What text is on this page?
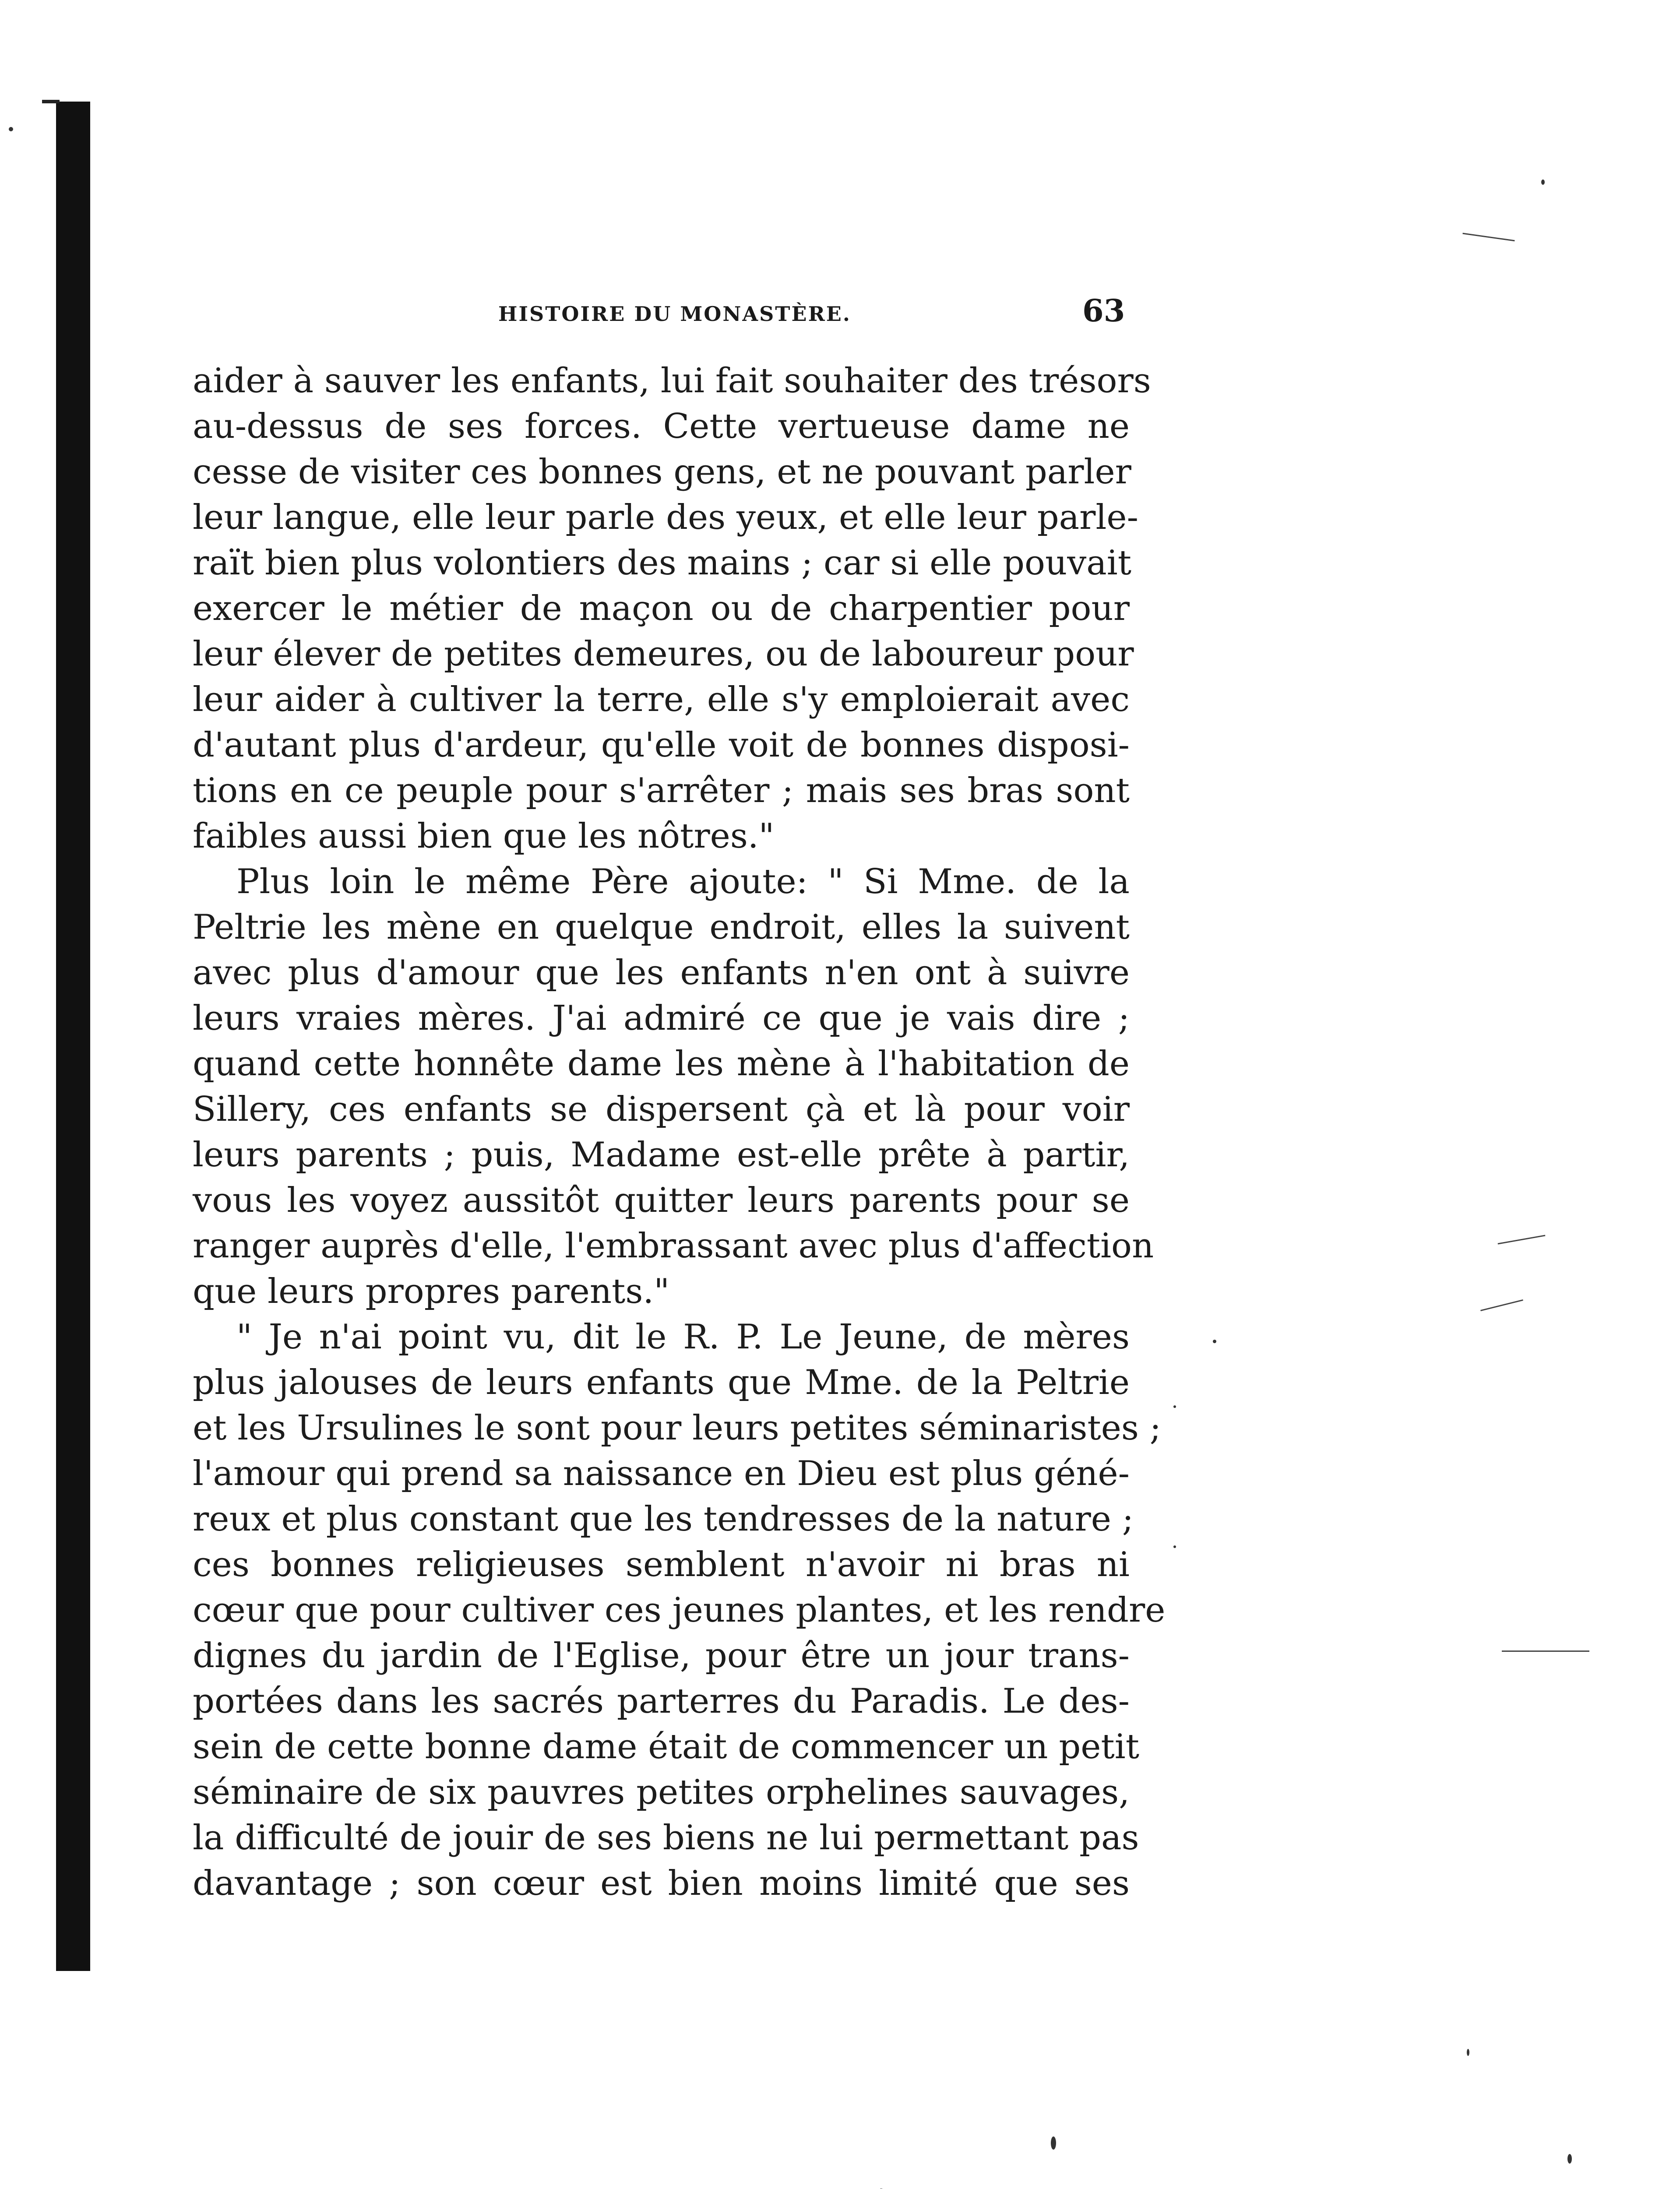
HISTOIRE DU MONASTÈRE.	63
aider à sauver les enfants, lui fait souhaiter des trésors
au-dessus de ses forces. Cette vertueuse dame ne
cesse de visiter ces bonnes gens, et ne pouvant parler
leur langue, elle leur parle des yeux, et elle leur parle-
raït bien plus volontiers des mains ; car si elle pouvait
exercer le métier de maçon ou de charpentier pour
leur élever de petites demeures, ou de laboureur pour
leur aider à cultiver la terre, elle s'y emploierait avec
d'autant plus d'ardeur, qu'elle voit de bonnes disposi-
tions en ce peuple pour s'arrêter ; mais ses bras sont
faibles aussi bien que les nôtres."
Plus loin le même Père ajoute: " Si Mme. de la
Peltrie les mène en quelque endroit, elles la suivent
avec plus d'amour que les enfants n'en ont à suivre
leurs vraies mères. J'ai admiré ce que je vais dire ;
quand cette honnête dame les mène à l'habitation de
Sillery, ces enfants se dispersent çà et là pour voir
leurs parents ; puis, Madame est-elle prête à partir,
vous les voyez aussitôt quitter leurs parents pour se
ranger auprès d'elle, l'embrassant avec plus d'affection
que leurs propres parents."
" Je n'ai point vu, dit le R. P. Le Jeune, de mères
plus jalouses de leurs enfants que Mme. de la Peltrie
et les Ursulines le sont pour leurs petites séminaristes ;
l'amour qui prend sa naissance en Dieu est plus géné-
reux et plus constant que les tendresses de la nature ;
ces bonnes religieuses semblent n'avoir ni bras ni
cœur que pour cultiver ces jeunes plantes, et les rendre
dignes du jardin de l'Eglise, pour être un jour trans-
portées dans les sacrés parterres du Paradis. Le des-
sein de cette bonne dame était de commencer un petit
séminaire de six pauvres petites orphelines sauvages,
la difficulté de jouir de ses biens ne lui permettant pas
davantage ; son cœur est bien moins limité que ses
